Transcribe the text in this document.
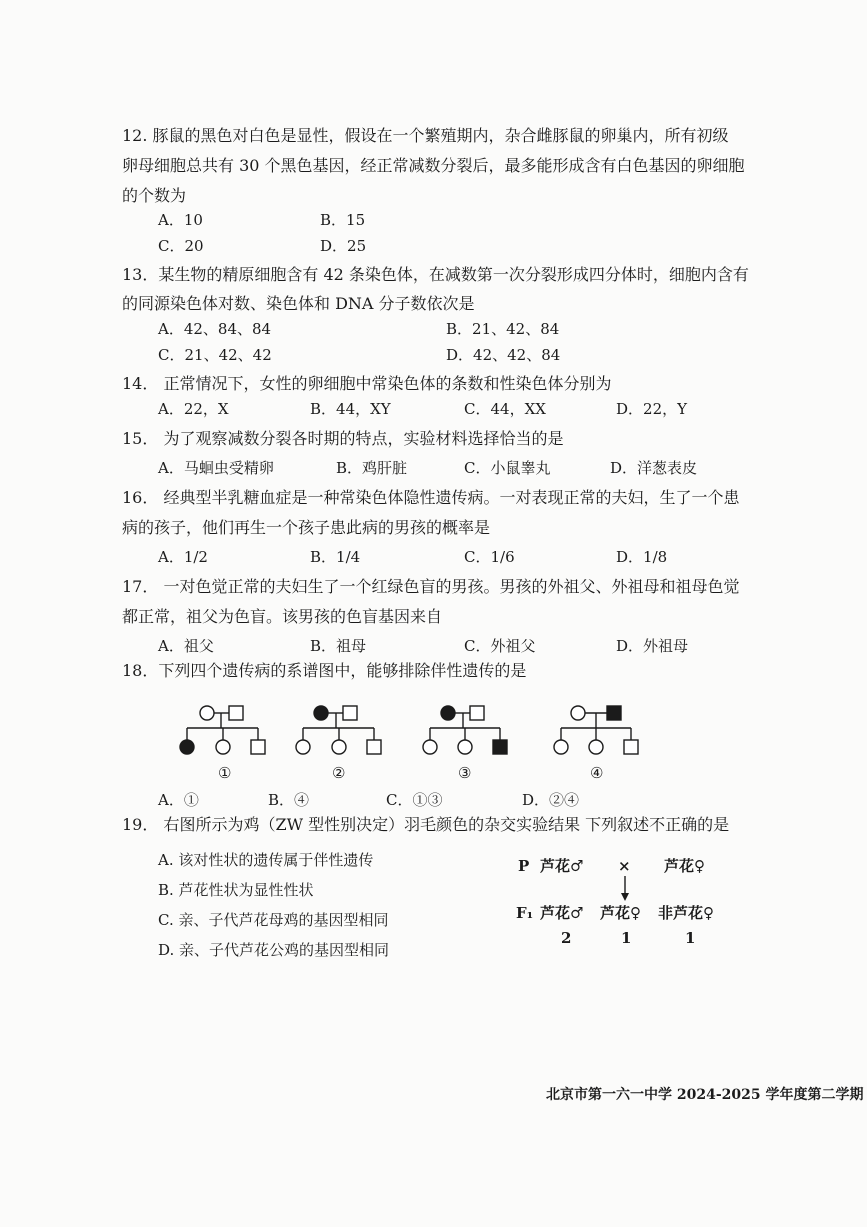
12. 豚鼠的黑色对白色是显性，假设在一个繁殖期内，杂合雌豚鼠的卵巢内，所有初级
卵母细胞总共有 30 个黑色基因，经正常减数分裂后，最多能形成含有白色基因的卵细胞
的个数为
A．10	B．15
C．20	D．25
13．某生物的精原细胞含有 42 条染色体，在减数第一次分裂形成四分体时，细胞内含有
的同源染色体对数、染色体和 DNA 分子数依次是
A．42、84、84	B．21、42、84
C．21、42、42	D．42、42、84
14． 正常情况下，女性的卵细胞中常染色体的条数和性染色体分别为
A．22，X	B．44，XY	C．44，XX	D．22，Y
15． 为了观察减数分裂各时期的特点，实验材料选择恰当的是
A．马蛔虫受精卵	B．鸡肝脏	C．小鼠睾丸	D．洋葱表皮
16． 经典型半乳糖血症是一种常染色体隐性遗传病。一对表现正常的夫妇，生了一个患
病的孩子，他们再生一个孩子患此病的男孩的概率是
A．1/2	B．1/4	C．1/6	D．1/8
17． 一对色觉正常的夫妇生了一个红绿色盲的男孩。男孩的外祖父、外祖母和祖母色觉
都正常，祖父为色盲。该男孩的色盲基因来自
A．祖父	B．祖母	C．外祖父	D．外祖母
18．下列四个遗传病的系谱图中，能够排除伴性遗传的是
①	②	③	④
A．①	B．④	C．①③	D．②④
19． 右图所示为鸡（ZW 型性别决定）羽毛颜色的杂交实验结果 下列叙述不正确的是
A. 该对性状的遗传属于伴性遗传
B. 芦花性状为显性性状
C. 亲、子代芦花母鸡的基因型相同
D. 亲、子代芦花公鸡的基因型相同
P 芦花♂ × 芦花♀
F₁ 芦花♂ 芦花♀ 非芦花♀
2	1	1
北京市第一六一中学 2024-2025 学年度第二学期
